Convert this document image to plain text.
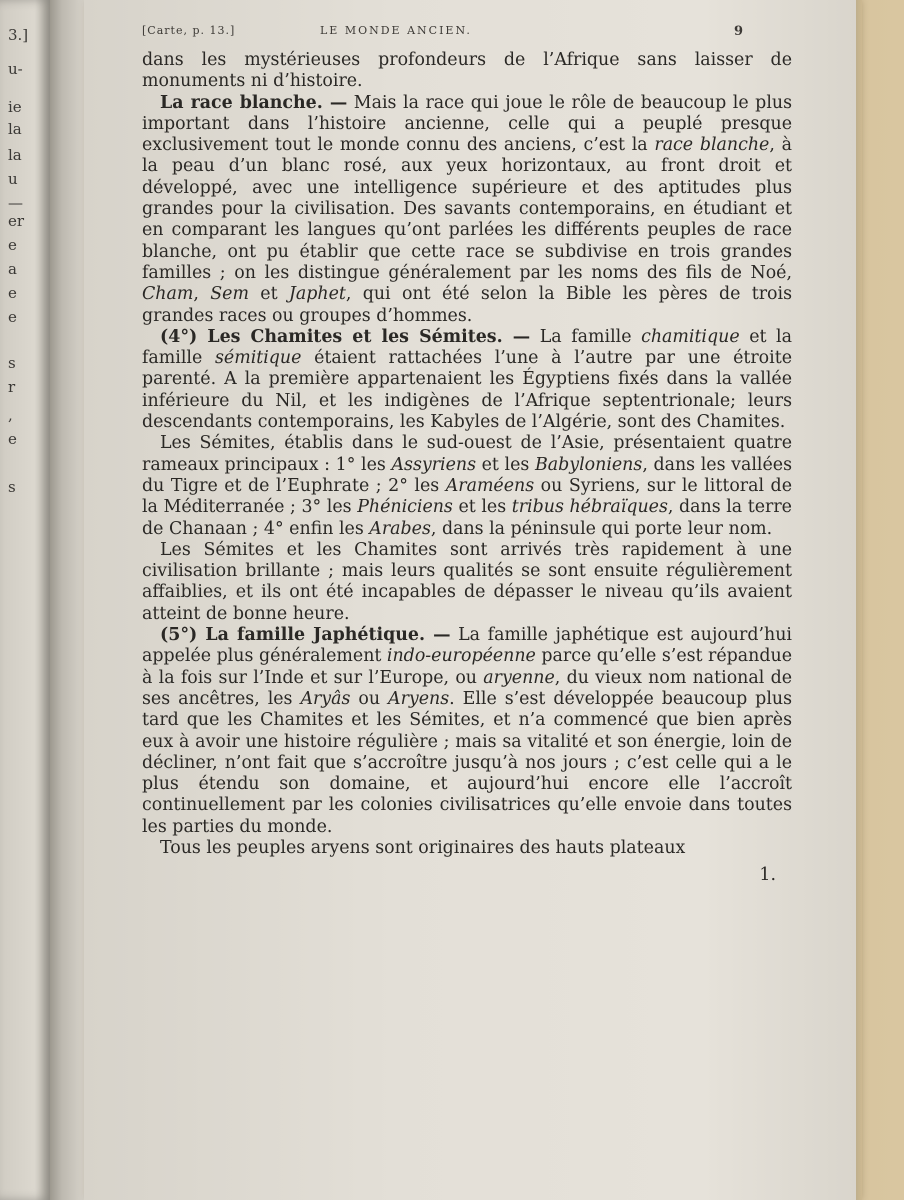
3.]
u-
ie
la
la
u
—
er
e
a
e
e
s
r
,
e
s
[Carte, p. 13.]	LE MONDE ANCIEN.	9

dans les mystérieuses profondeurs de l’Afrique sans laisser de monuments ni d’histoire.

La race blanche. — Mais la race qui joue le rôle de beaucoup le plus important dans l’histoire ancienne, celle qui a peuplé presque exclusivement tout le monde connu des anciens, c’est la race blanche, à la peau d’un blanc rosé, aux yeux horizontaux, au front droit et développé, avec une intelligence supérieure et des aptitudes plus grandes pour la civilisation. Des savants contemporains, en étudiant et en comparant les langues qu’ont parlées les différents peuples de race blanche, ont pu établir que cette race se subdivise en trois grandes familles ; on les distingue généralement par les noms des fils de Noé, Cham, Sem et Japhet, qui ont été selon la Bible les pères de trois grandes races ou groupes d’hommes.

(4°) Les Chamites et les Sémites. — La famille chamitique et la famille sémitique étaient rattachées l’une à l’autre par une étroite parenté. A la première appartenaient les Égyptiens fixés dans la vallée inférieure du Nil, et les indigènes de l’Afrique septentrionale; leurs descendants contemporains, les Kabyles de l’Algérie, sont des Chamites.

Les Sémites, établis dans le sud-ouest de l’Asie, présentaient quatre rameaux principaux : 1° les Assyriens et les Babyloniens, dans les vallées du Tigre et de l’Euphrate ; 2° les Araméens ou Syriens, sur le littoral de la Méditerranée ; 3° les Phéniciens et les tribus hébraïques, dans la terre de Chanaan ; 4° enfin les Arabes, dans la péninsule qui porte leur nom.

Les Sémites et les Chamites sont arrivés très rapidement à une civilisation brillante ; mais leurs qualités se sont ensuite régulièrement affaiblies, et ils ont été incapables de dépasser le niveau qu’ils avaient atteint de bonne heure.

(5°) La famille Japhétique. — La famille japhétique est aujourd’hui appelée plus généralement indo-européenne parce qu’elle s’est répandue à la fois sur l’Inde et sur l’Europe, ou aryenne, du vieux nom national de ses ancêtres, les Aryâs ou Aryens. Elle s’est développée beaucoup plus tard que les Chamites et les Sémites, et n’a commencé que bien après eux à avoir une histoire régulière ; mais sa vitalité et son énergie, loin de décliner, n’ont fait que s’accroître jusqu’à nos jours ; c’est celle qui a le plus étendu son domaine, et aujourd’hui encore elle l’accroît continuellement par les colonies civilisatrices qu’elle envoie dans toutes les parties du monde.

Tous les peuples aryens sont originaires des hauts plateaux

1.
